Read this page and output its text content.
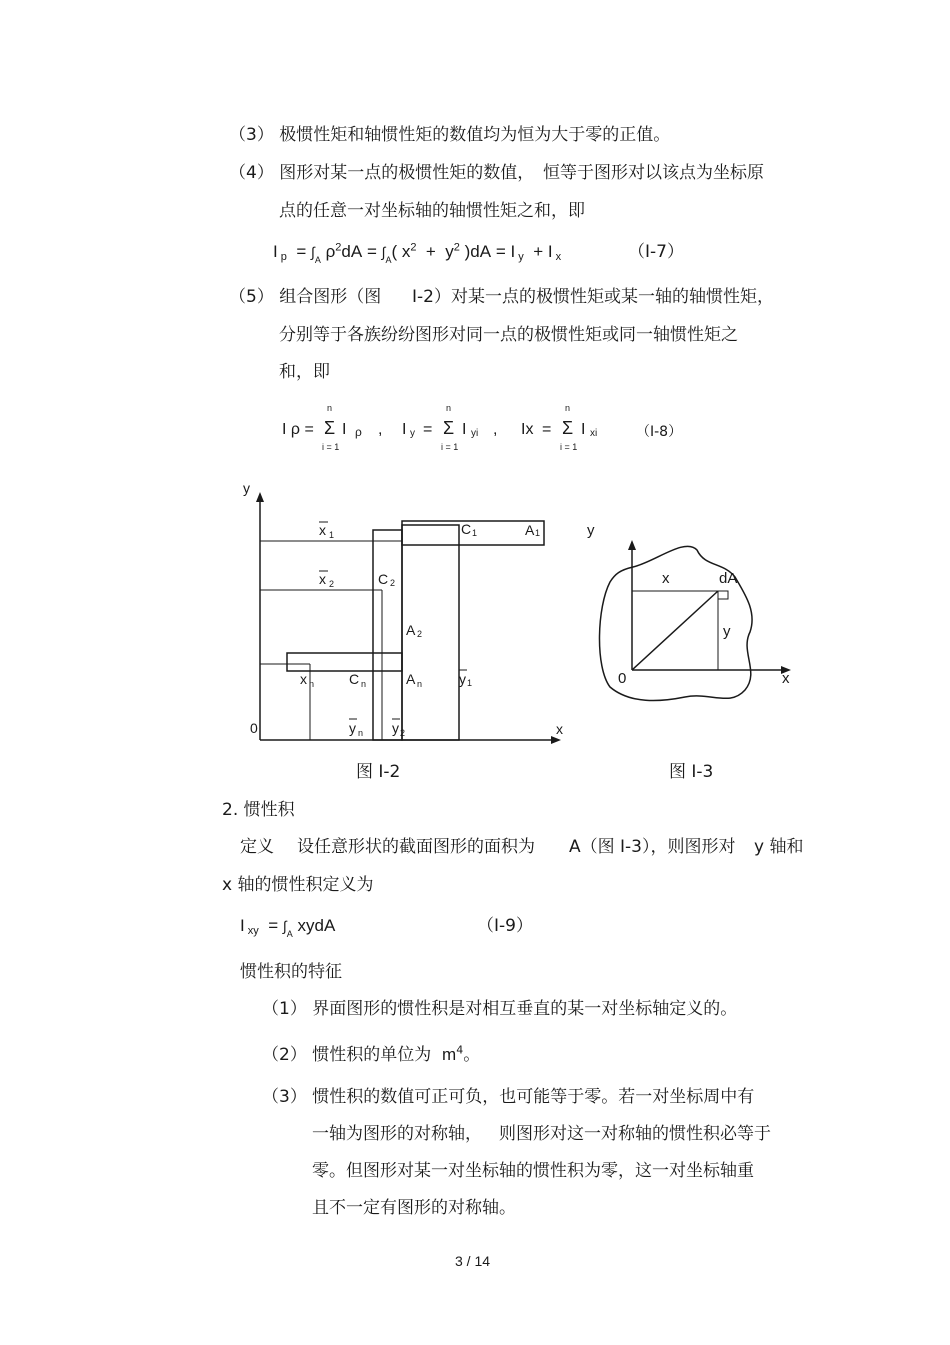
（3） 极惯性矩和轴惯性矩的数值均为恒为大于零的正值。
（4） 图形对某一点的极惯性矩的数值， 恒等于图形对以该点为坐标原
点的任意一对坐标轴的轴惯性矩之和，即
I $p = \int_A$ $\rho^2dA = \int_A$( $x^2 + y^2$ )dA = I y  + I x	（I-7）
（5） 组合图形（图 I-2）对某一点的极惯性矩或某一轴的轴惯性矩，
分别等于各族纷纷图形对同一点的极惯性矩或同一轴惯性矩之
和，即
n	n	n
i = 1	i = 1	i = 1
I ρ = Σ I ρ , I y = Σ I yi , Ix = Σ I xi	（I-8）
y
0	x
x 1	C 1	A 1
x 2	C 2
A 2
x n C n	A n	y 1
y n y 2
图 I-2
y
x	dA
y
0	x
图 I-3
2. 惯性积
定义 设任意形状的截面图形的面积为 A（图 I-3），则图形对 y 轴和
x 轴的惯性积定义为
I xy  = $\int_A$ xydA	（I-9）
惯性积的特征
（1） 界面图形的惯性积是对相互垂直的某一对坐标轴定义的。
（2） 惯性积的单位为 $m^4$。
（3） 惯性积的数值可正可负，也可能等于零。若一对坐标周中有
一轴为图形的对称轴， 则图形对这一对称轴的惯性积必等于
零。但图形对某一对坐标轴的惯性积为零，这一对坐标轴重
且不一定有图形的对称轴。
3 / 14
